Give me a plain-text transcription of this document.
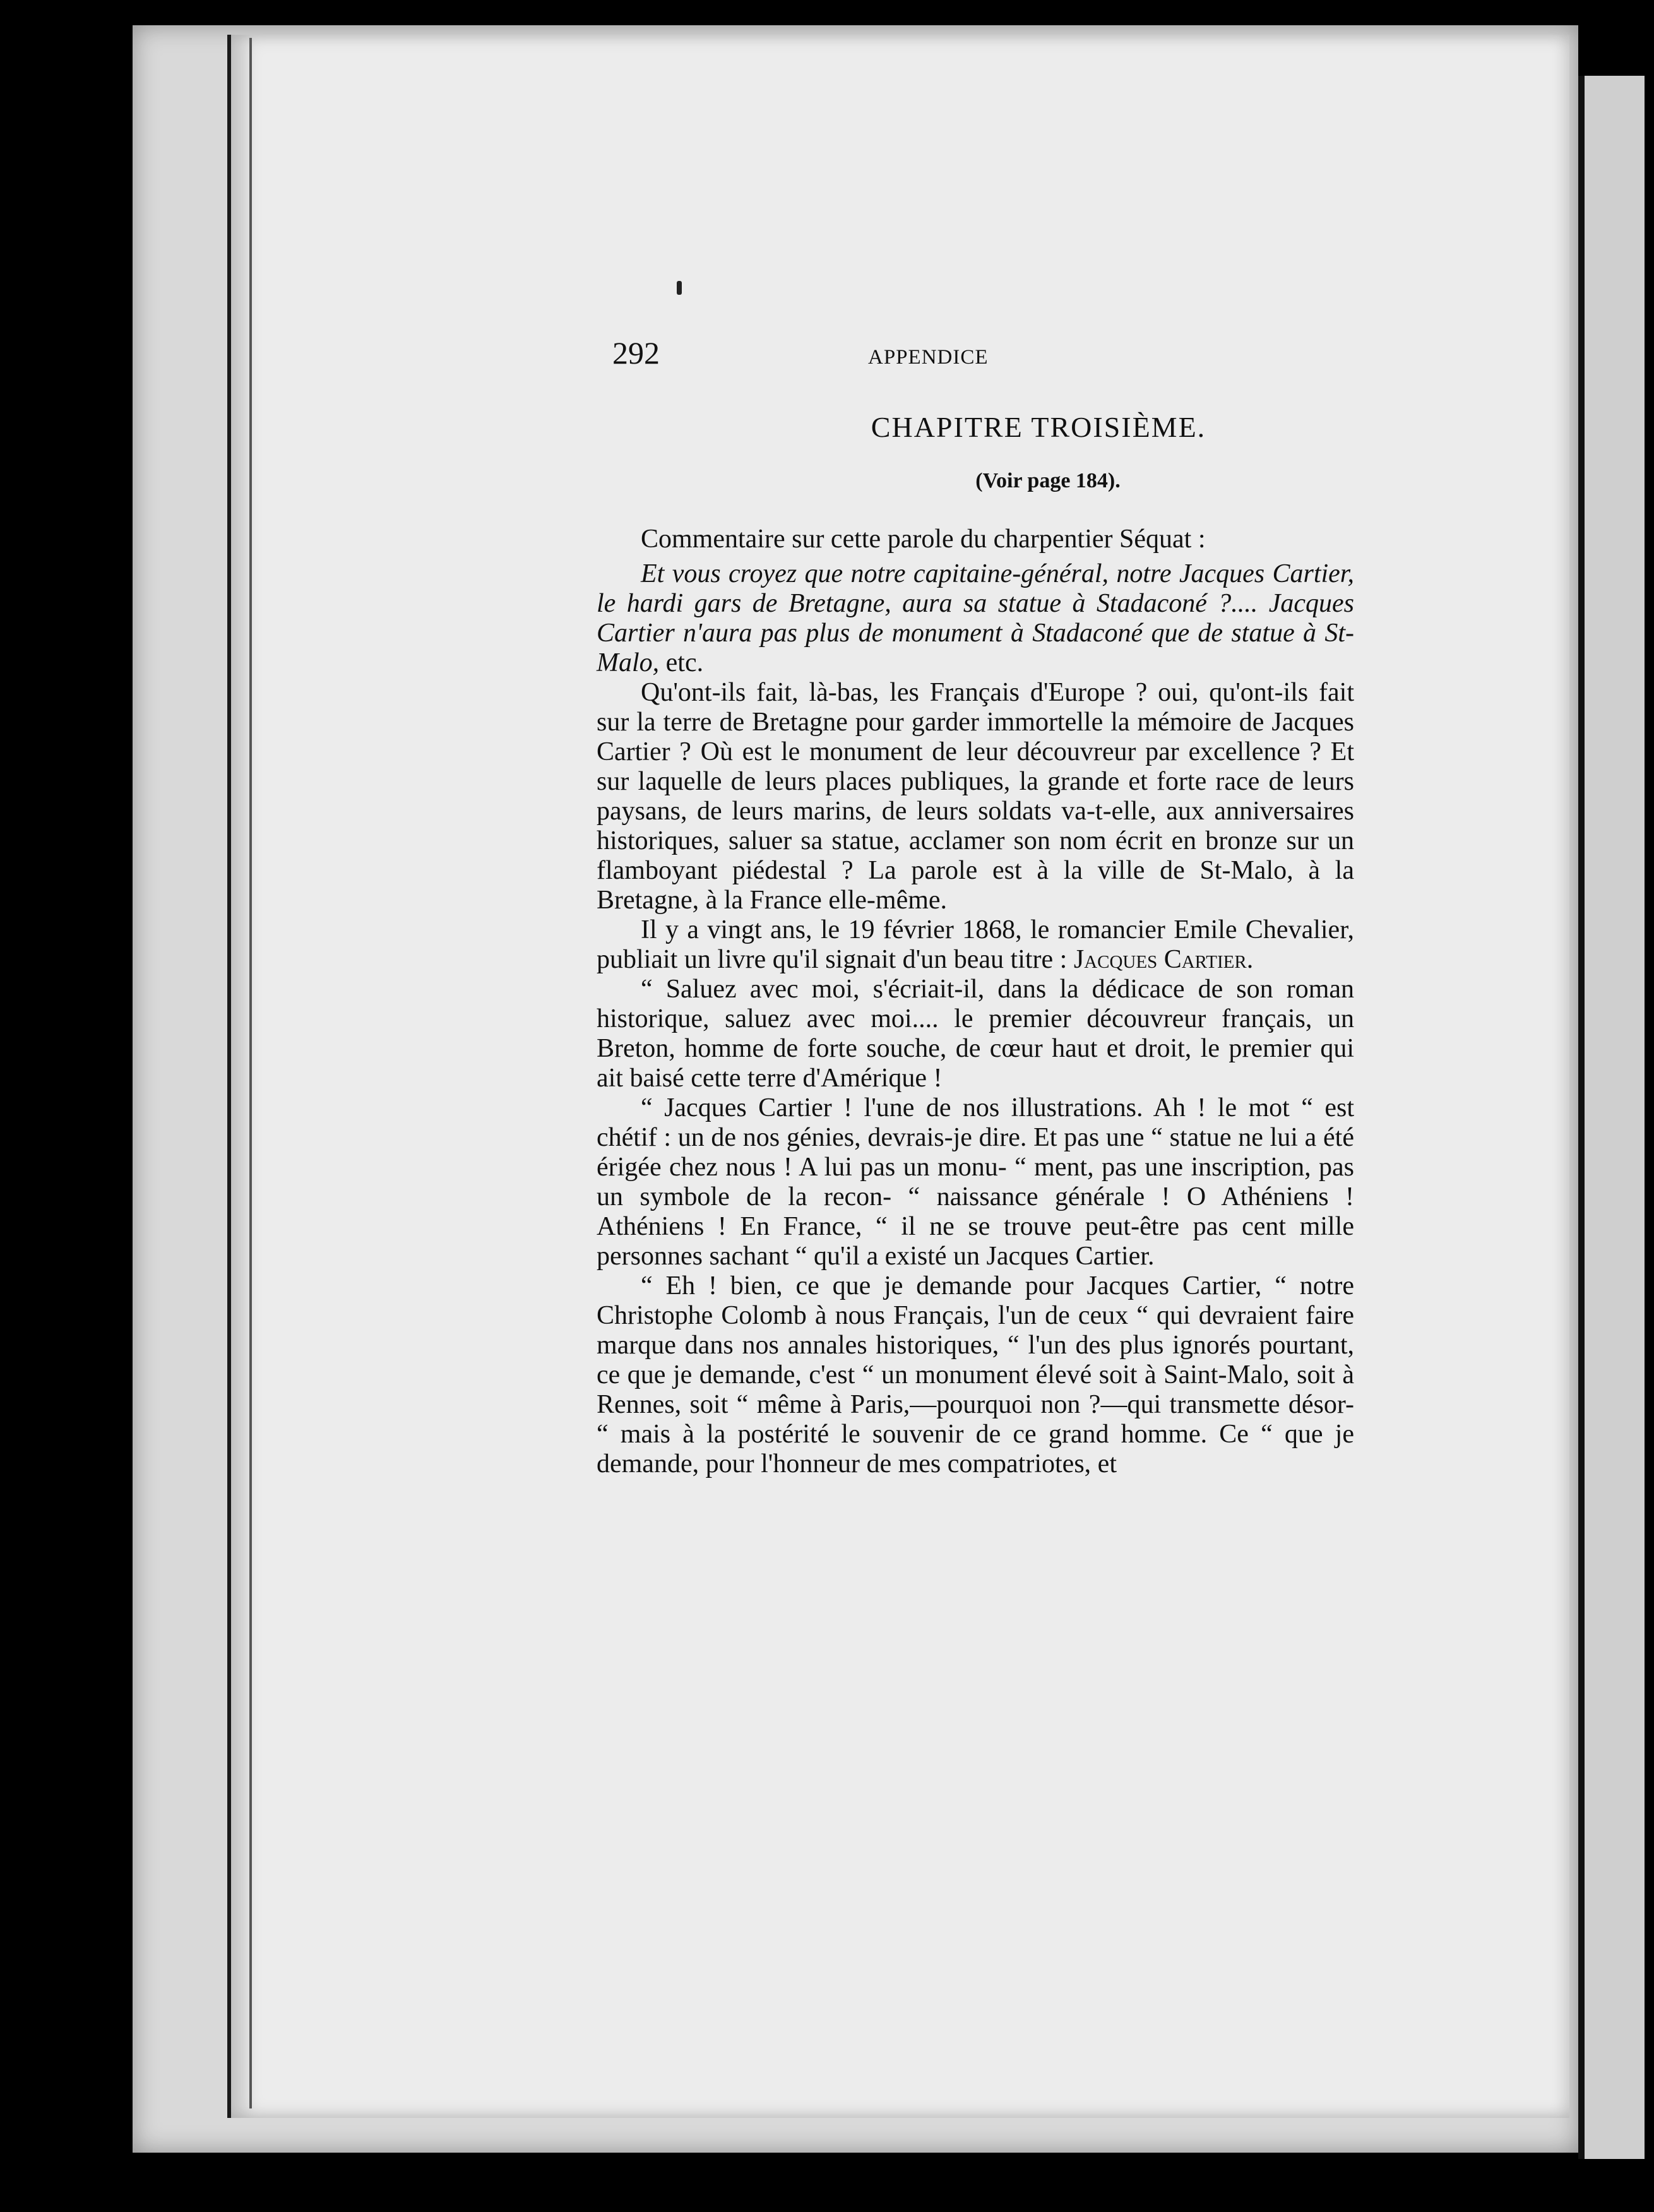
292	APPENDICE
CHAPITRE TROISIÈME.
(Voir page 184).

Commentaire sur cette parole du charpentier Séquat :

Et vous croyez que notre capitaine-général, notre Jacques Cartier, le hardi gars de Bretagne, aura sa statue à Stadaconé ?.... Jacques Cartier n'aura pas plus de monument à Stadaconé que de statue à St-Malo, etc.

Qu'ont-ils fait, là-bas, les Français d'Europe ? oui, qu'ont-ils fait sur la terre de Bretagne pour garder immortelle la mémoire de Jacques Cartier ? Où est le monument de leur découvreur par excellence ? Et sur laquelle de leurs places publiques, la grande et forte race de leurs paysans, de leurs marins, de leurs soldats va-t-elle, aux anniversaires historiques, saluer sa statue, acclamer son nom écrit en bronze sur un flamboyant piédestal ? La parole est à la ville de St-Malo, à la Bretagne, à la France elle-même.

Il y a vingt ans, le 19 février 1868, le romancier Emile Chevalier, publiait un livre qu'il signait d'un beau titre : Jacques Cartier.

“ Saluez avec moi, s'écriait-il, dans la dédicace de son roman historique, saluez avec moi.... le premier découvreur français, un Breton, homme de forte souche, de cœur haut et droit, le premier qui ait baisé cette terre d'Amérique !

“ Jacques Cartier ! l'une de nos illustrations. Ah ! le mot “ est chétif : un de nos génies, devrais-je dire. Et pas une “ statue ne lui a été érigée chez nous ! A lui pas un monu- “ ment, pas une inscription, pas un symbole de la recon- “ naissance générale ! O Athéniens ! Athéniens ! En France, “ il ne se trouve peut-être pas cent mille personnes sachant “ qu'il a existé un Jacques Cartier.

“ Eh ! bien, ce que je demande pour Jacques Cartier, “ notre Christophe Colomb à nous Français, l'un de ceux “ qui devraient faire marque dans nos annales historiques, “ l'un des plus ignorés pourtant, ce que je demande, c'est “ un monument élevé soit à Saint-Malo, soit à Rennes, soit “ même à Paris,—pourquoi non ?—qui transmette désor- “ mais à la postérité le souvenir de ce grand homme. Ce “ que je demande, pour l'honneur de mes compatriotes, et
